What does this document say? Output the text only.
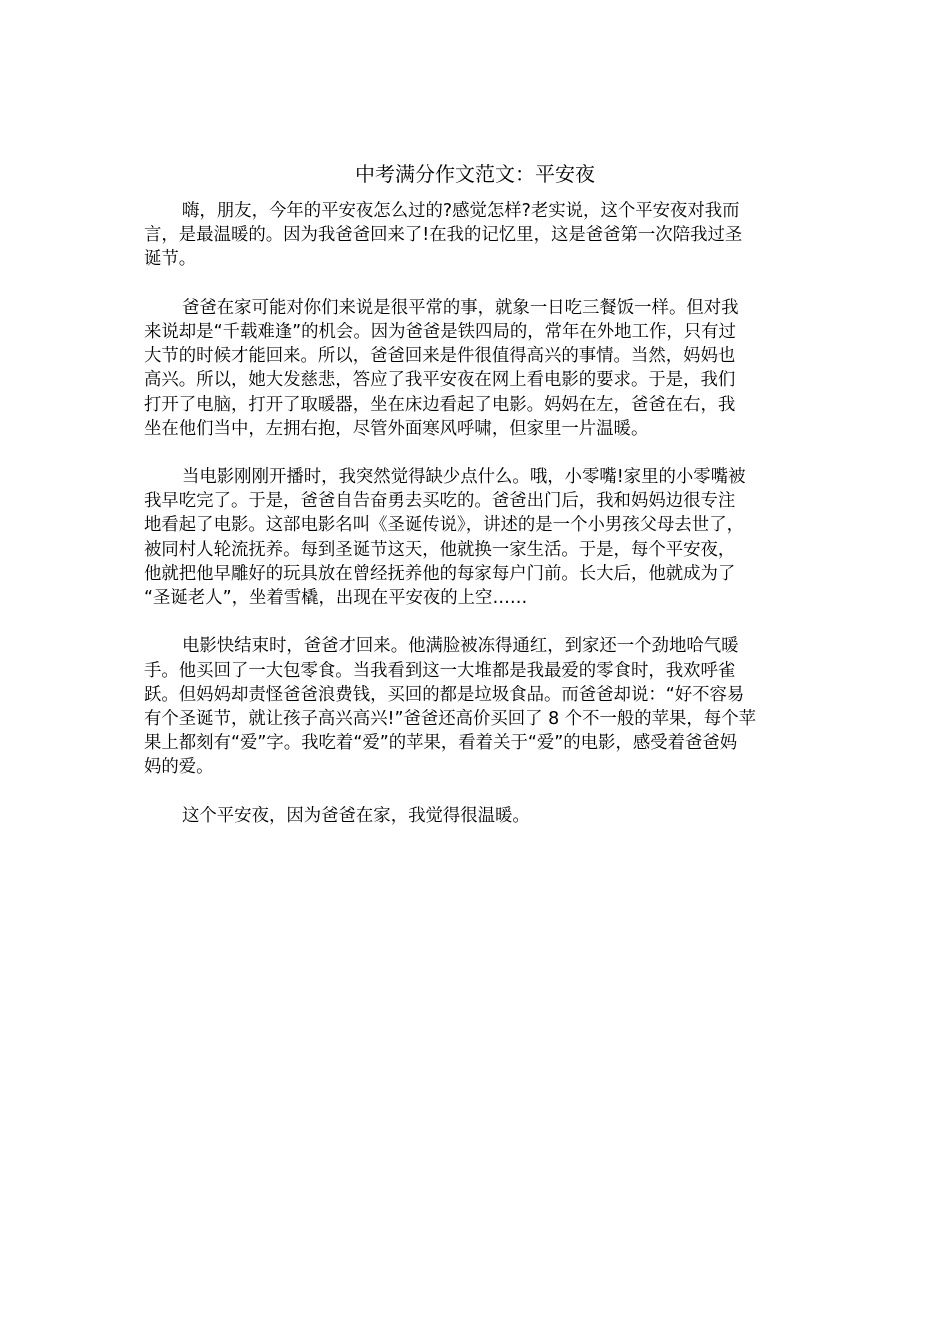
中考满分作文范文：平安夜
嗨，朋友，今年的平安夜怎么过的?感觉怎样?老实说，这个平安夜对我而
言，是最温暖的。因为我爸爸回来了!在我的记忆里，这是爸爸第一次陪我过圣
诞节。
爸爸在家可能对你们来说是很平常的事，就象一日吃三餐饭一样。但对我
来说却是“千载难逢”的机会。因为爸爸是铁四局的，常年在外地工作，只有过
大节的时候才能回来。所以，爸爸回来是件很值得高兴的事情。当然，妈妈也
高兴。所以，她大发慈悲，答应了我平安夜在网上看电影的要求。于是，我们
打开了电脑，打开了取暖器，坐在床边看起了电影。妈妈在左，爸爸在右，我
坐在他们当中，左拥右抱，尽管外面寒风呼啸，但家里一片温暖。
当电影刚刚开播时，我突然觉得缺少点什么。哦，小零嘴!家里的小零嘴被
我早吃完了。于是，爸爸自告奋勇去买吃的。爸爸出门后，我和妈妈边很专注
地看起了电影。这部电影名叫《圣诞传说》，讲述的是一个小男孩父母去世了，
被同村人轮流抚养。每到圣诞节这天，他就换一家生活。于是，每个平安夜，
他就把他早雕好的玩具放在曾经抚养他的每家每户门前。长大后，他就成为了
“圣诞老人”，坐着雪橇，出现在平安夜的上空……
电影快结束时，爸爸才回来。他满脸被冻得通红，到家还一个劲地哈气暖
手。他买回了一大包零食。当我看到这一大堆都是我最爱的零食时，我欢呼雀
跃。但妈妈却责怪爸爸浪费钱，买回的都是垃圾食品。而爸爸却说：“好不容易
有个圣诞节，就让孩子高兴高兴!”爸爸还高价买回了 8 个不一般的苹果，每个苹
果上都刻有“爱”字。我吃着“爱”的苹果，看着关于“爱”的电影，感受着爸爸妈
妈的爱。
这个平安夜，因为爸爸在家，我觉得很温暖。
